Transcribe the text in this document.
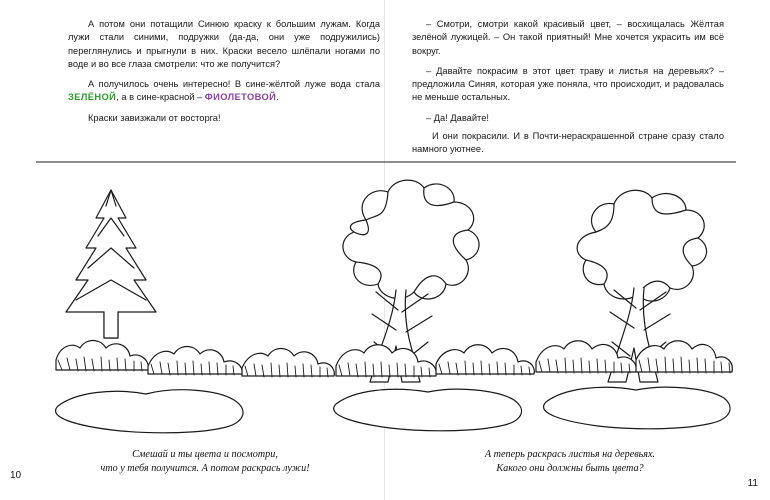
А потом они потащили Синюю краску к большим лужам. Когда лужи стали синими, подружки (да-да, они уже подружились) переглянулись и прыгнули в них. Краски весело шлёпали ногами по воде и во все глаза смотрели: что же получится?

А получилось очень интересно! В сине-жёлтой луже вода стала ЗЕЛЁНОЙ, а в сине-красной – ФИОЛЕТОВОЙ.

Краски завизжали от восторга!

– Смотри, смотри какой красивый цвет, – восхищалась Жёлтая зелёной лужицей. – Он такой приятный! Мне хочется украсить им всё вокруг.

– Давайте покрасим в этот цвет траву и листья на деревьях? – предложила Синяя, которая уже поняла, что происходит, и радовалась не меньше остальных.

– Да! Давайте!

И они покрасили. И в Почти-нераскрашенной стране сразу стало намного уютнее.

Смешай и ты цвета и посмотри,
что у тебя получится. А потом раскрась лужи!
А теперь раскрась листья на деревьях.
Какого они должны быть цвета?
10
11
